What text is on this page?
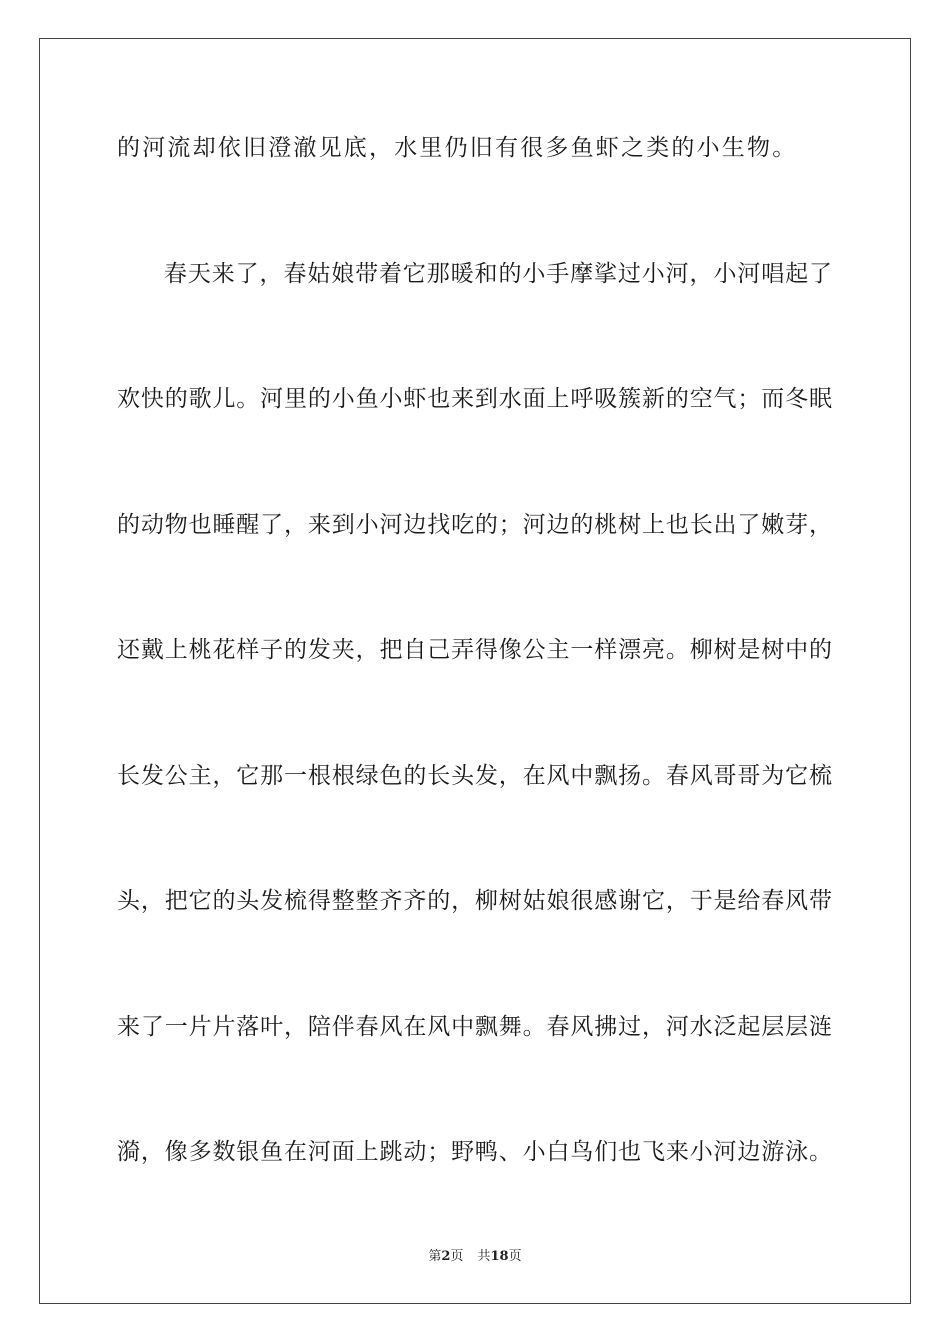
的河流却依旧澄澈见底，水里仍旧有很多鱼虾之类的小生物。
春天来了，春姑娘带着它那暖和的小手摩挲过小河，小河唱起了
欢快的歌儿。河里的小鱼小虾也来到水面上呼吸簇新的空气；而冬眠
的动物也睡醒了，来到小河边找吃的；河边的桃树上也长出了嫩芽，
还戴上桃花样子的发夹，把自己弄得像公主一样漂亮。柳树是树中的
长发公主，它那一根根绿色的长头发，在风中飘扬。春风哥哥为它梳
头，把它的头发梳得整整齐齐的，柳树姑娘很感谢它，于是给春风带
来了一片片落叶，陪伴春风在风中飘舞。春风拂过，河水泛起层层涟
漪，像多数银鱼在河面上跳动；野鸭、小白鸟们也飞来小河边游泳。
第2页 共18页
